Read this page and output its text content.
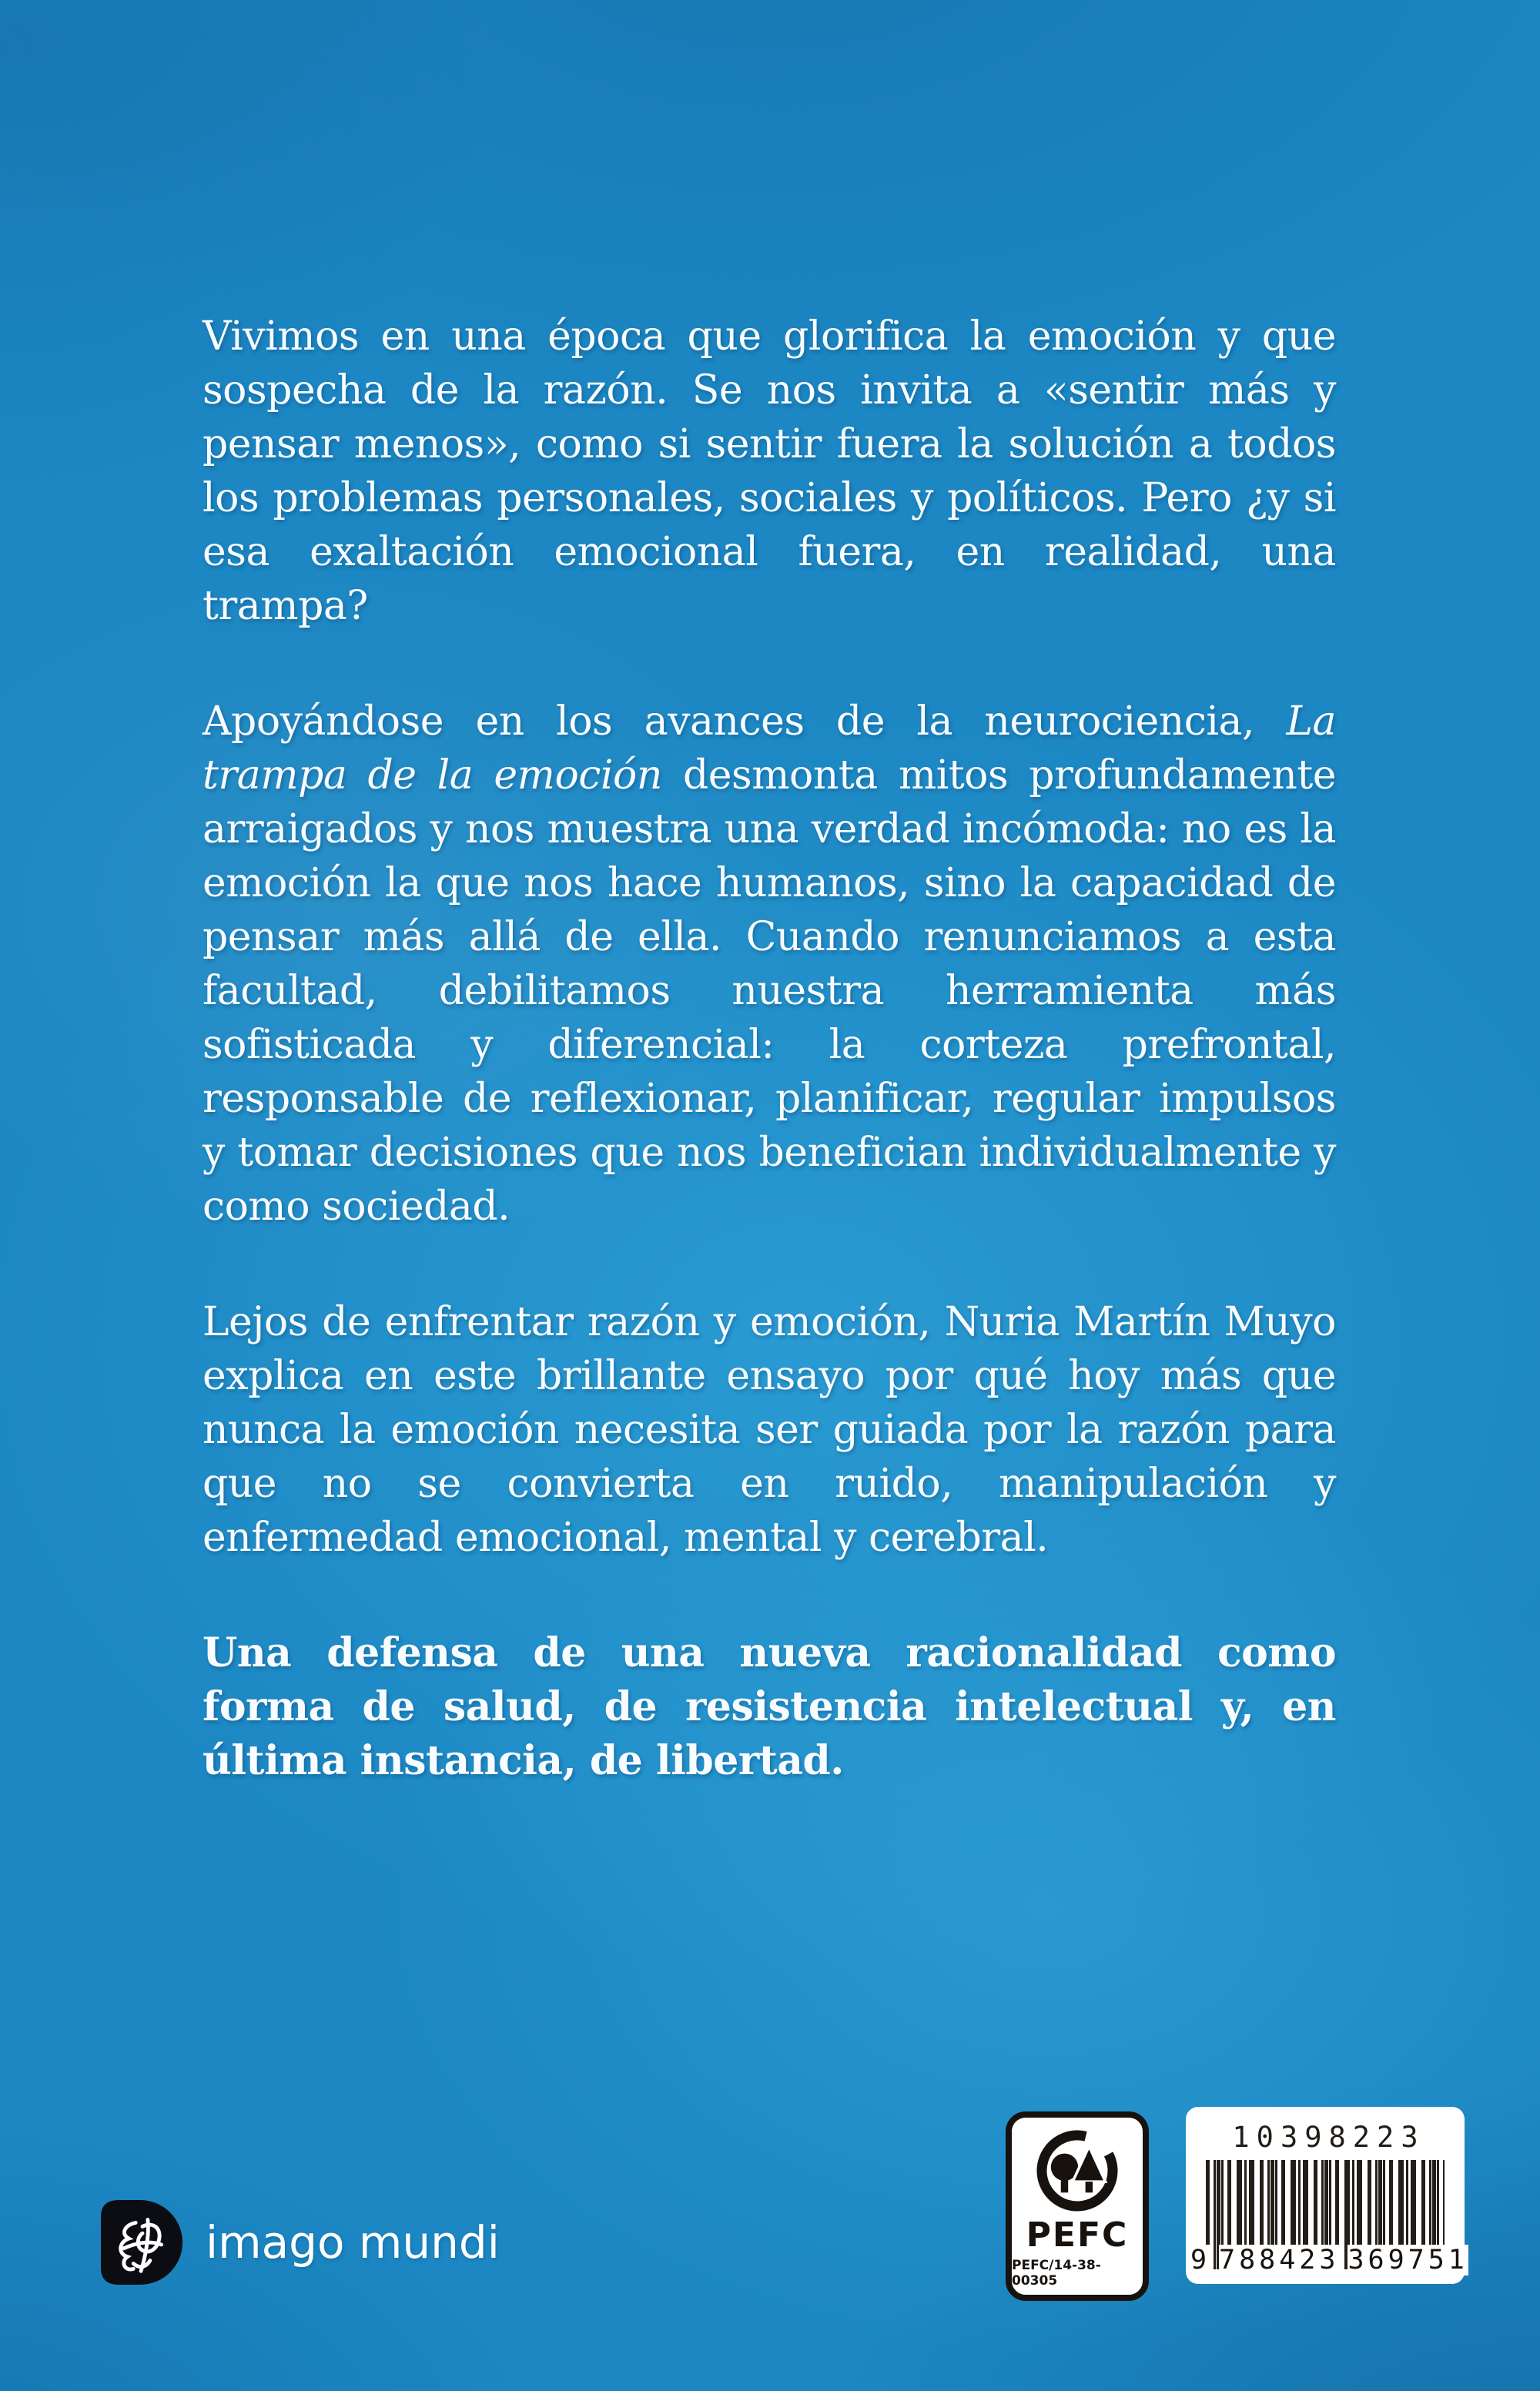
Vivimos en una época que glorifica la emoción y que sospecha de la razón. Se nos invita a «sentir más y pensar menos», como si sentir fuera la solución a todos los problemas personales, sociales y políticos. Pero ¿y si esa exaltación emocional fuera, en realidad, una trampa?

Apoyándose en los avances de la neurociencia, La trampa de la emoción desmonta mitos profundamente arraigados y nos muestra una verdad incómoda: no es la emoción la que nos hace humanos, sino la capacidad de pensar más allá de ella. Cuando renunciamos a esta facultad, debilitamos nuestra herramienta más sofisticada y diferencial: la corteza prefrontal, responsable de reflexionar, planificar, regular impulsos y tomar decisiones que nos benefician individualmente y como sociedad.

Lejos de enfrentar razón y emoción, Nuria Martín Muyo explica en este brillante ensayo por qué hoy más que nunca la emoción necesita ser guiada por la razón para que no se convierta en ruido, manipulación y enfermedad emocional, mental y cerebral.

Una defensa de una nueva racionalidad como forma de salud, de resistencia intelectual y, en última instancia, de libertad.

imago mundi	PEFC
PEFC/14-38-00305
10398223
9 788423 369751
